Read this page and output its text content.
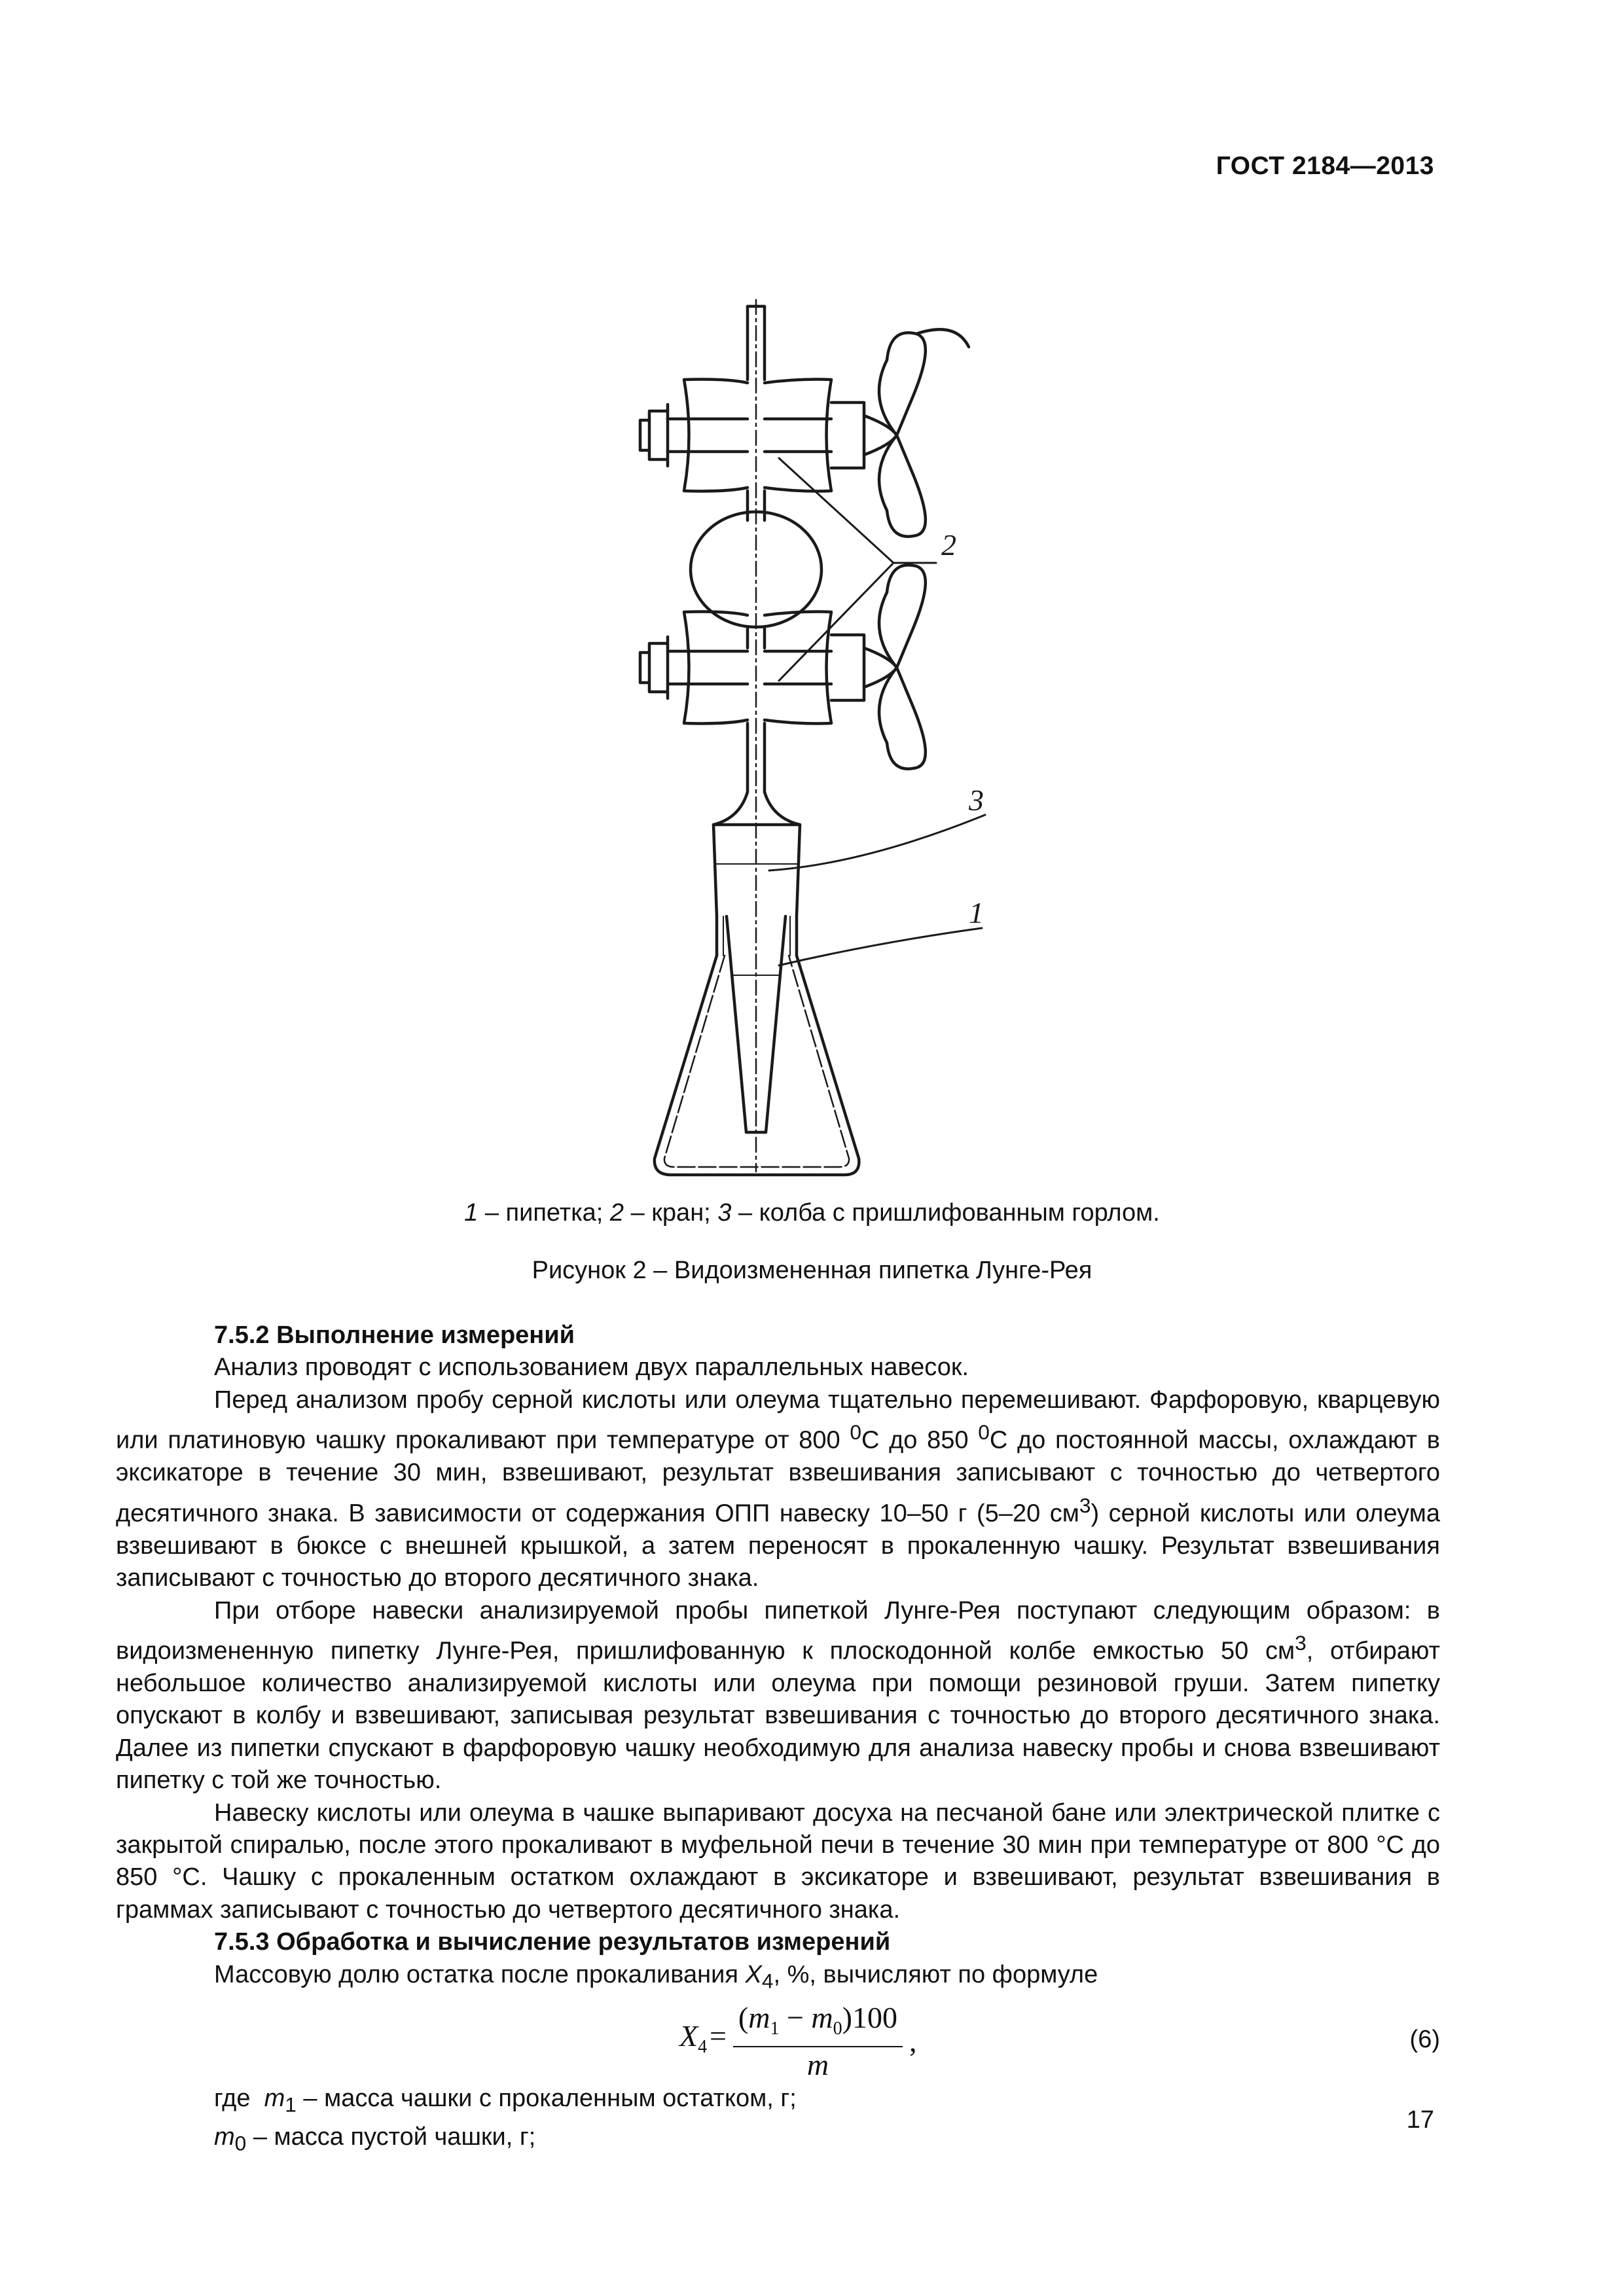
ГОСТ 2184—2013
2
3
1
1 – пипетка; 2 – кран; 3 – колба с пришлифованным горлом.
Рисунок 2 – Видоизмененная пипетка Лунге-Рея
7.5.2 Выполнение измерений

Анализ проводят с использованием двух параллельных навесок.

Перед анализом пробу серной кислоты или олеума тщательно перемешивают. Фарфоровую, кварцевую или платиновую чашку прокаливают при температуре от 800 $^0$С до 850 $^0$С до постоянной массы, охлаждают в эксикаторе в течение 30 мин, взвешивают, результат взвешивания записывают с точностью до четвертого десятичного знака. В зависимости от содержания ОПП навеску 10–50 г (5–20 $см^3$) серной кислоты или олеума взвешивают в бюксе с внешней крышкой, а затем переносят в прокаленную чашку. Результат взвешивания записывают с точностью до второго десятичного знака.

При отборе навески анализируемой пробы пипеткой Лунге-Рея поступают следующим образом: в видоизмененную пипетку Лунге-Рея, пришлифованную к плоскодонной колбе емкостью 50 $см^3$, отбирают небольшое количество анализируемой кислоты или олеума при помощи резиновой груши. Затем пипетку опускают в колбу и взвешивают, записывая результат взвешивания с точностью до второго десятичного знака. Далее из пипетки спускают в фарфоровую чашку необходимую для анализа навеску пробы и снова взвешивают пипетку с той же точностью.

Навеску кислоты или олеума в чашке выпаривают досуха на песчаной бане или электрической плитке с закрытой спиралью, после этого прокаливают в муфельной печи в течение 30 мин при температуре от 800 °С до 850 °С. Чашку с прокаленным остатком охлаждают в эксикаторе и взвешивают, результат взвешивания в граммах записывают с точностью до четвертого десятичного знака.

7.5.3 Обработка и вычисление результатов измерений

Массовую долю остатка после прокаливания $X_4$, %, вычисляют по формуле

$X_4$ =	$(m_1 - m_0)100$	,
m
(6)
где  $m_1$ – масса чашки с прокаленным остатком, г;
$m_0$ – масса пустой чашки, г;
17
